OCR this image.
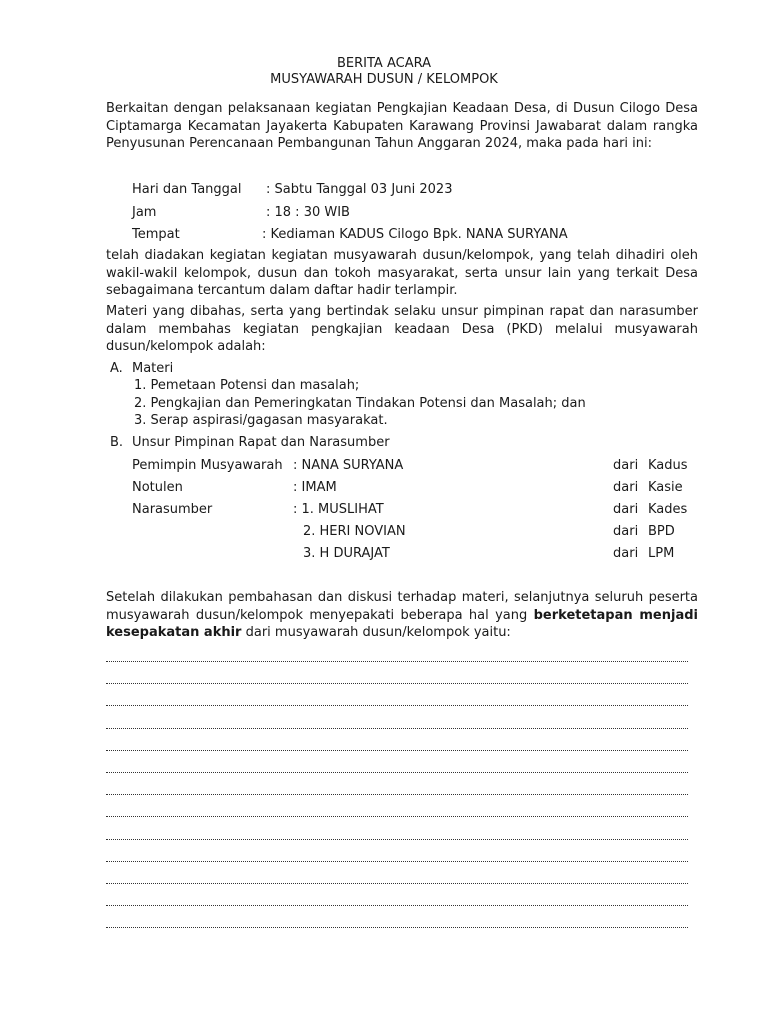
BERITA ACARA
MUSYAWARAH DUSUN / KELOMPOK
Berkaitan dengan pelaksanaan kegiatan Pengkajian Keadaan Desa, di Dusun Cilogo Desa Ciptamarga Kecamatan Jayakerta Kabupaten Karawang Provinsi Jawabarat dalam rangka Penyusunan Perencanaan Pembangunan Tahun Anggaran 2024, maka pada hari ini:
Hari dan Tanggal : Sabtu Tanggal 03 Juni 2023
Jam	: 18 : 30 WIB
Tempat	: Kediaman KADUS Cilogo Bpk. NANA SURYANA
telah diadakan kegiatan kegiatan musyawarah dusun/kelompok, yang telah dihadiri oleh wakil-wakil kelompok, dusun dan tokoh masyarakat, serta unsur lain yang terkait Desa sebagaimana tercantum dalam daftar hadir terlampir.
Materi yang dibahas, serta yang bertindak selaku unsur pimpinan rapat dan narasumber dalam membahas kegiatan pengkajian keadaan Desa (PKD) melalui musyawarah dusun/kelompok adalah:
A. Materi
1. Pemetaan Potensi dan masalah;
2. Pengkajian dan Pemeringkatan Tindakan Potensi dan Masalah; dan
3. Serap aspirasi/gagasan masyarakat.
B. Unsur Pimpinan Rapat dan Narasumber
Pemimpin Musyawarah : NANA SURYANA	dari Kadus
Notulen	: IMAM	dari Kasie
Narasumber	: 1. MUSLIHAT	dari Kades
2. HERI NOVIAN	dari BPD
3. H DURAJAT	dari LPM
Setelah dilakukan pembahasan dan diskusi terhadap materi, selanjutnya seluruh peserta musyawarah dusun/kelompok menyepakati beberapa hal yang berketetapan menjadi kesepakatan akhir dari musyawarah dusun/kelompok yaitu:
